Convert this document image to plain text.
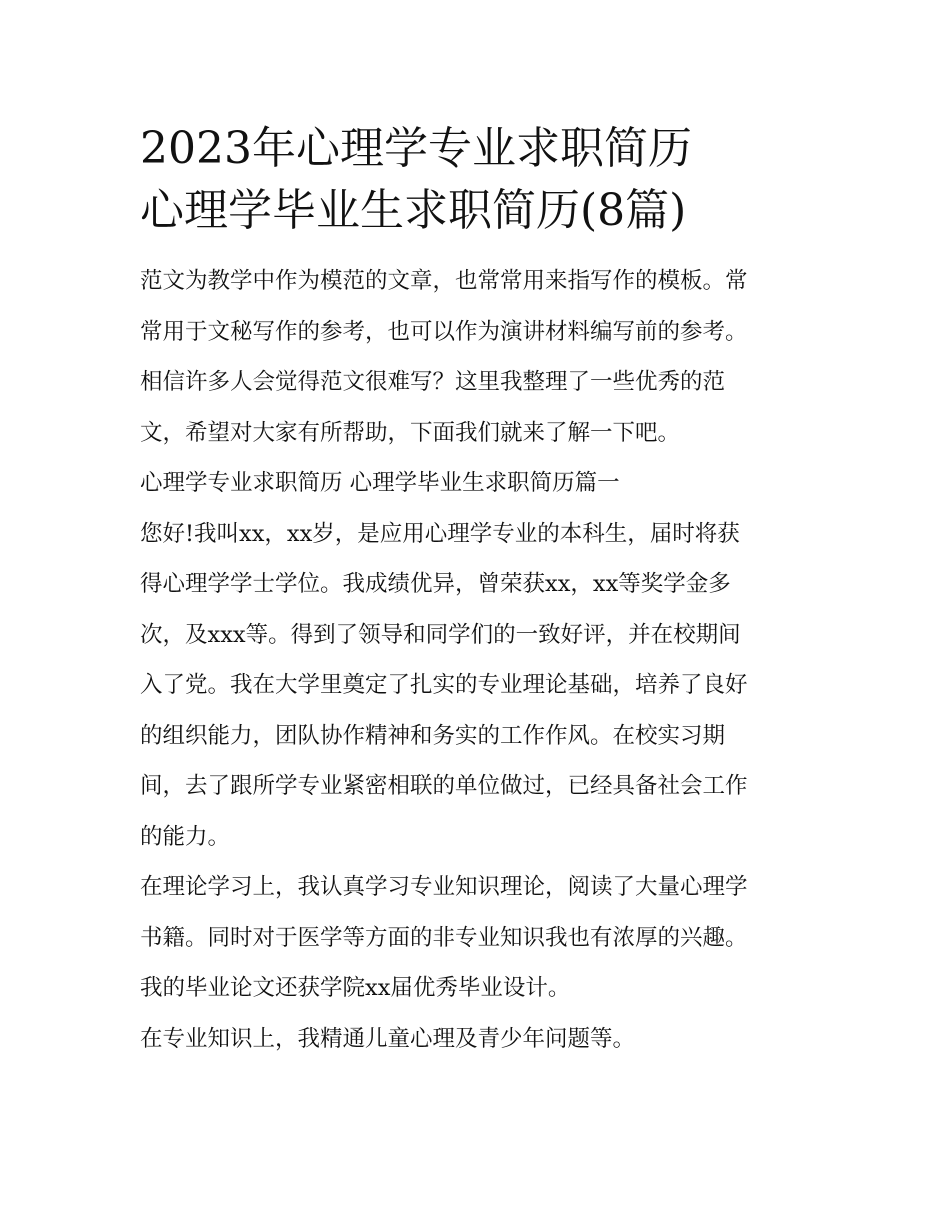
2023年心理学专业求职简历
心理学毕业生求职简历(8篇)
范文为教学中作为模范的文章，也常常用来指写作的模板。常
常用于文秘写作的参考，也可以作为演讲材料编写前的参考。
相信许多人会觉得范文很难写？这里我整理了一些优秀的范
文，希望对大家有所帮助，下面我们就来了解一下吧。
心理学专业求职简历 心理学毕业生求职简历篇一
您好!我叫xx，xx岁，是应用心理学专业的本科生，届时将获
得心理学学士学位。我成绩优异，曾荣获xx，xx等奖学金多
次，及xxx等。得到了领导和同学们的一致好评，并在校期间
入了党。我在大学里奠定了扎实的专业理论基础，培养了良好
的组织能力，团队协作精神和务实的工作作风。在校实习期
间，去了跟所学专业紧密相联的单位做过，已经具备社会工作
的能力。
在理论学习上，我认真学习专业知识理论，阅读了大量心理学
书籍。同时对于医学等方面的非专业知识我也有浓厚的兴趣。
我的毕业论文还获学院xx届优秀毕业设计。
在专业知识上，我精通儿童心理及青少年问题等。
